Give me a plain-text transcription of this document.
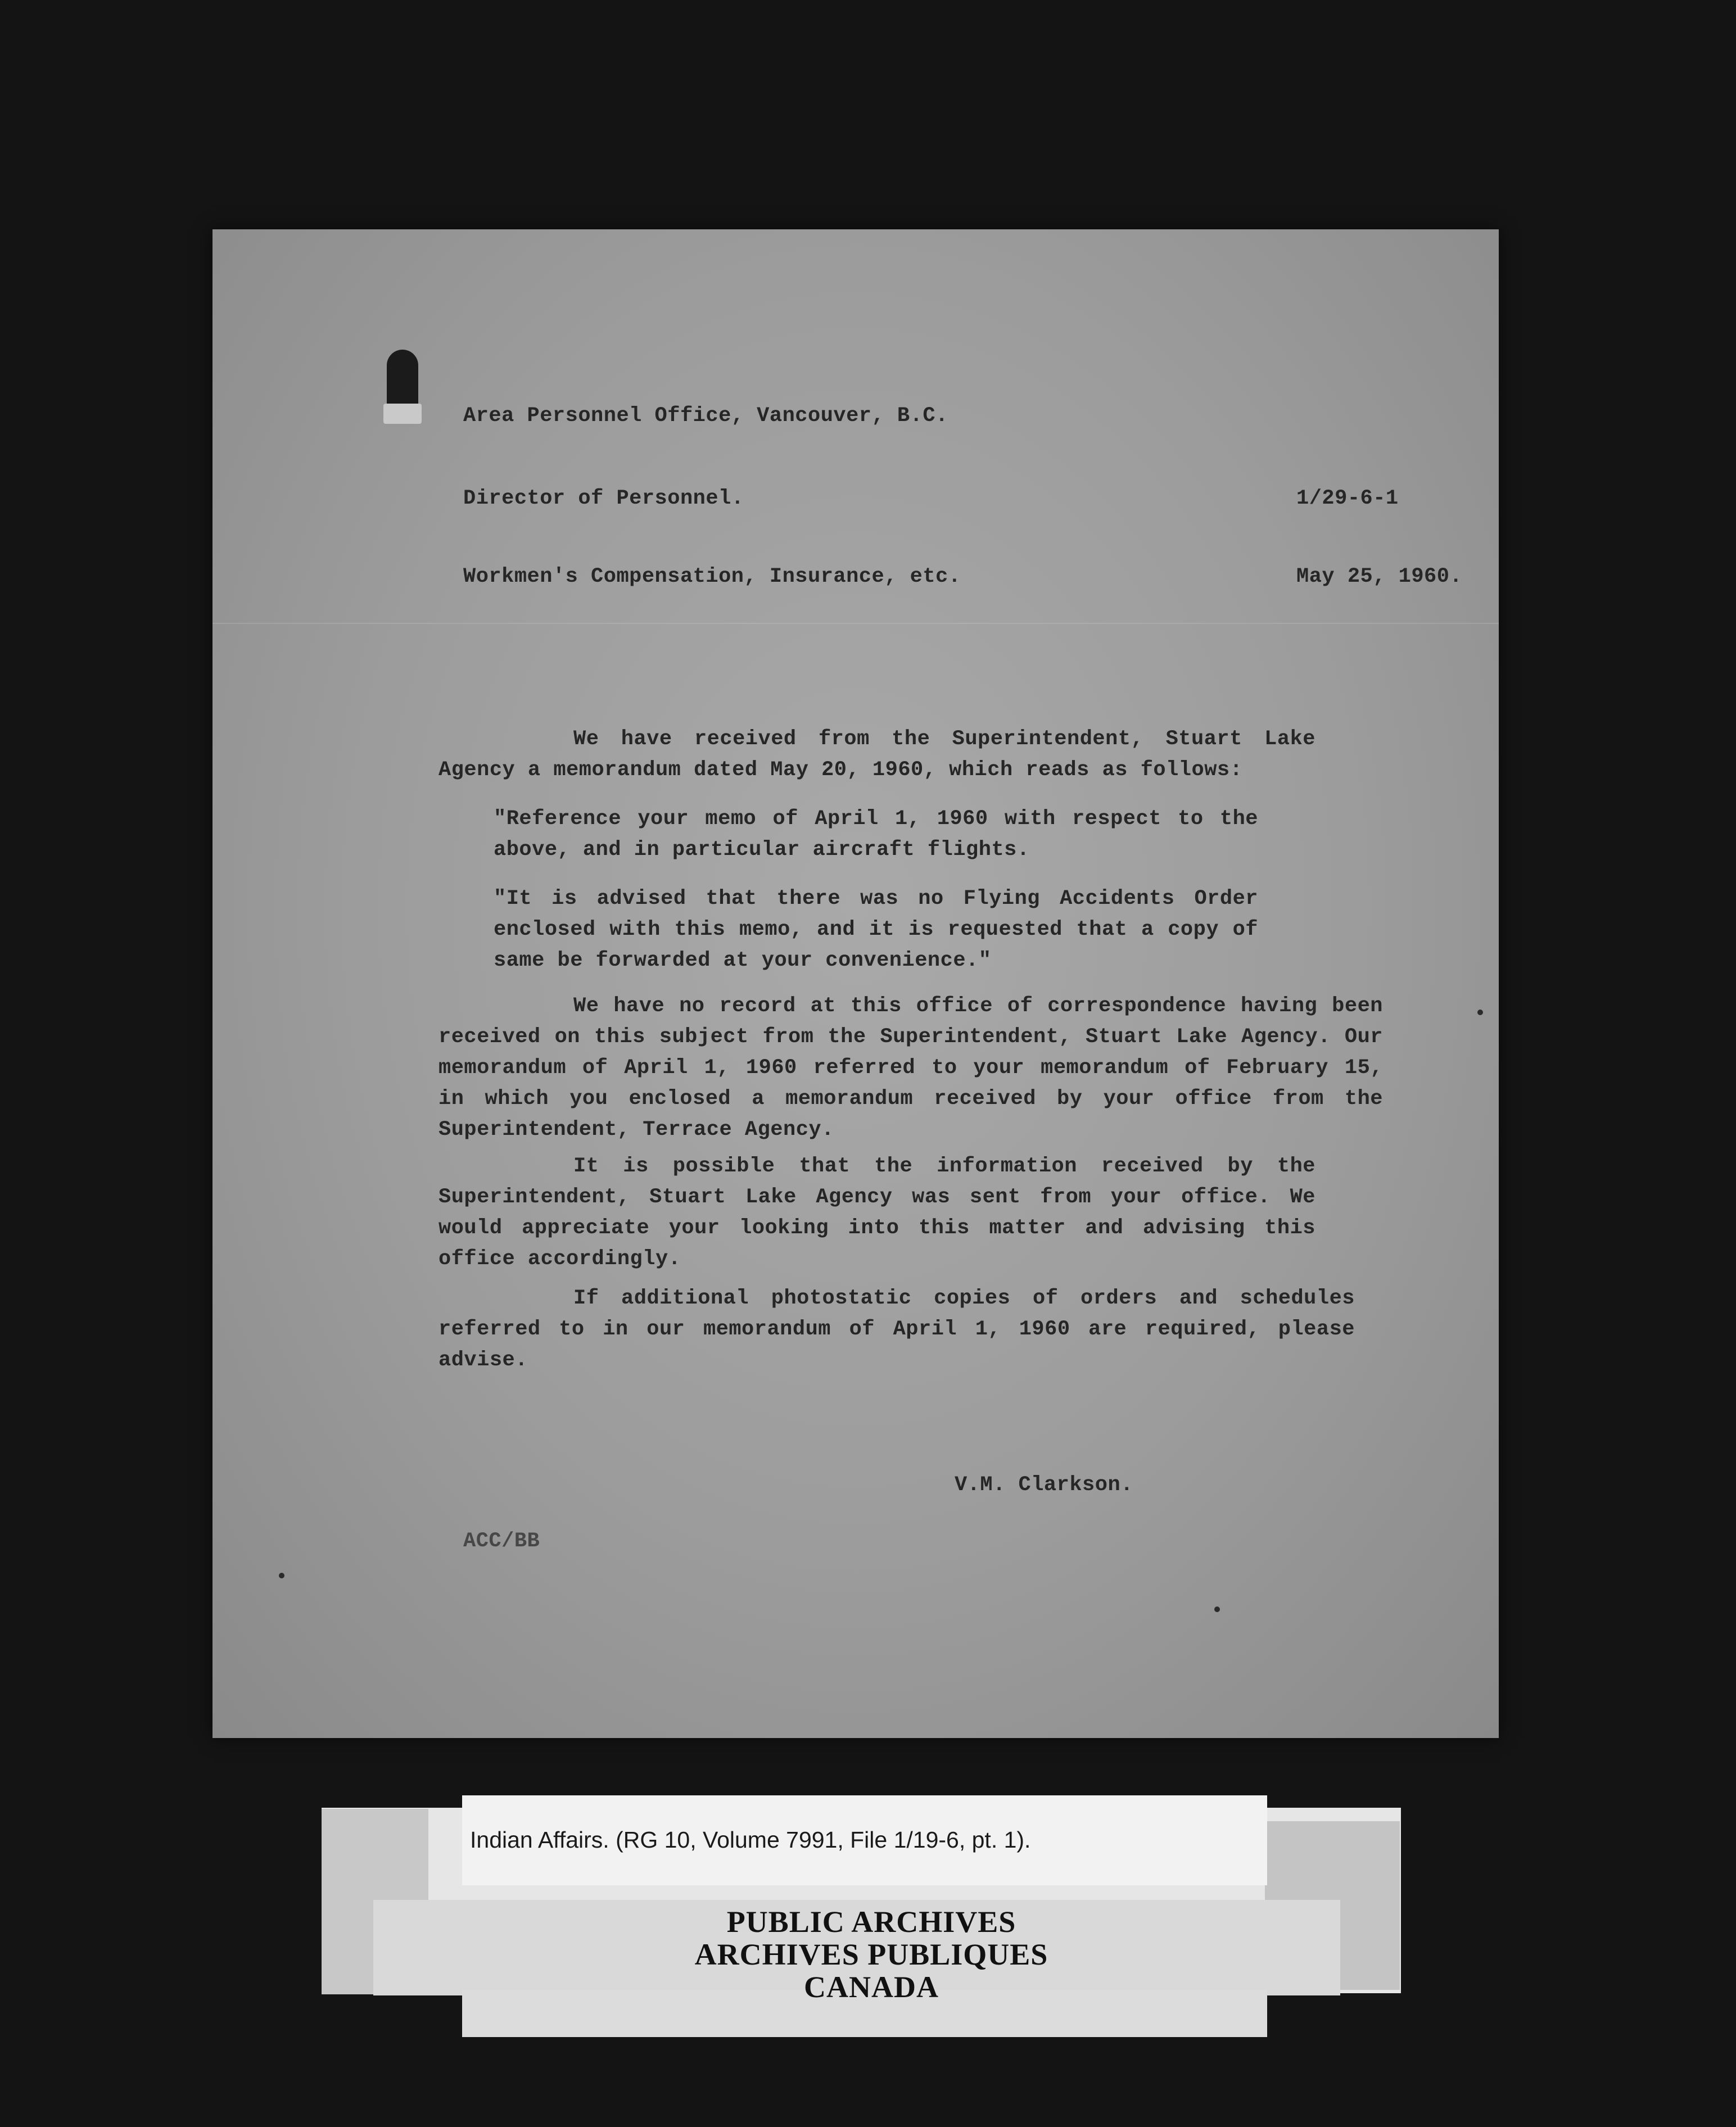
Area Personnel Office, Vancouver, B.C.
Director of Personnel.	1/29-6-1
Workmen's Compensation, Insurance, etc.	May 25, 1960.
We have received from the Superintendent, Stuart Lake Agency a memorandum dated May 20, 1960, which reads as follows:
"Reference your memo of April 1, 1960 with respect to the above, and in particular aircraft flights.
"It is advised that there was no Flying Accidents Order enclosed with this memo, and it is requested that a copy of same be forwarded at your convenience."
We have no record at this office of correspondence having been received on this subject from the Superintendent, Stuart Lake Agency. Our memorandum of April 1, 1960 referred to your memorandum of February 15, in which you enclosed a memorandum received by your office from the Superintendent, Terrace Agency.
It is possible that the information received by the Superintendent, Stuart Lake Agency was sent from your office. We would appreciate your looking into this matter and advising this office accordingly.
If additional photostatic copies of orders and schedules referred to in our memorandum of April 1, 1960 are required, please advise.
V.M. Clarkson.
ACC/BB
Indian Affairs. (RG 10, Volume 7991, File 1/19-6, pt. 1).
PUBLIC ARCHIVES
ARCHIVES PUBLIQUES
CANADA
